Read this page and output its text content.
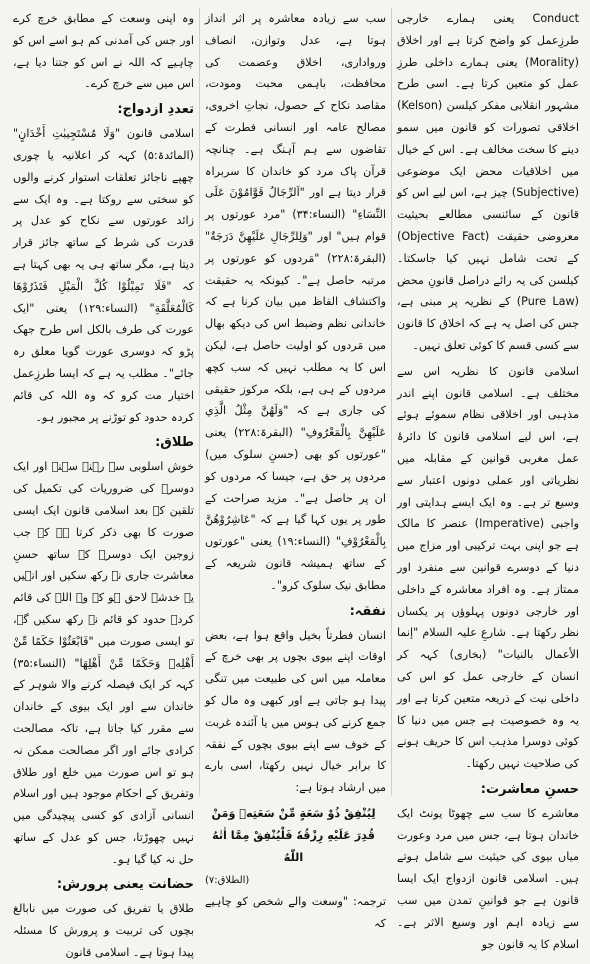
Conduct یعنی ہمارے خارجی طرزِعمل کو واضح کرتا ہے اور اخلاق (Morality) یعنی ہمارے داخلی طرزِ عمل کو متعین کرتا ہے۔ اسی طرح مشہور انقلابی مفکر کیلسن (Kelson) اخلاقی تصورات کو قانون میں سمو دینے کا سخت مخالف ہے۔ اس کے خیال میں اخلاقیات محض ایک موضوعی (Subjective) چیز ہے، اس لیے اس کو قانون کے سائنسی مطالعے بحیثیت معروضی حقیقت (Objective Fact) کے تحت شامل نہیں کیا جاسکتا۔ کیلسن کی یہ رائے دراصل قانونِ محض (Pure Law) کے نظریہ پر مبنی ہے، جس کی اصل یہ ہے کہ اخلاق کا قانون سے کسی قسم کا کوئی تعلق نہیں۔

اسلامی قانون کا نظریہ اس سے مختلف ہے۔ اسلامی قانون اپنے اندر مذہبی اور اخلاقی نظام سموئے ہوئے ہے، اس لیے اسلامی قانون کا دائرۂ عمل مغربی قوانین کے مقابلہ میں نظریاتی اور عملی دونوں اعتبار سے وسیع تر ہے۔ وہ ایک ایسے ہدایتی اور واجبی (Imperative) عنصر کا مالک ہے جو اپنی بہت ترکیبی اور مزاج میں دنیا کے دوسرے قوانین سے منفرد اور ممتاز ہے۔ وہ افراد معاشرہ کے داخلی اور خارجی دونوں پہلوؤں پر یکساں نظر رکھتا ہے۔ شارعِ علیہ السلام "إنما الأعمال بالنيات" (بخاری) کہہ کر انسان کے خارجی عمل کو اس کی داخلی نیت کے ذریعہ متعین کرتا ہے اور یہ وہ خصوصیت ہے جس میں دنیا کا کوئی دوسرا مذہب اس کا حریف ہونے کی صلاحیت نہیں رکھتا۔

حسنِ معاشرت:

معاشرے کا سب سے چھوٹا یونٹ ایک خاندان ہوتا ہے، جس میں مرد وعورت میاں بیوی کی حیثیت سے شامل ہوتے ہیں۔ اسلامی قانون ازدواج ایک ایسا قانون ہے جو قوانینِ تمدن میں سب سے زیادہ اہم اور وسیع الاثر ہے۔ اسلام کا یہ قانون جو

سب سے زیادہ معاشرہ پر اثر انداز ہوتا ہے، عدل وتوازن، انصاف ورواداری، اخلاق وعصمت کی محافظت، باہمی محبت ومودت، مقاصد نکاح کے حصول، نجاتِ اخروی، مصالح عامہ اور انسانی فطرت کے تقاضوں سے ہم آہنگ ہے۔ چنانچہ قرآن پاک مرد کو خاندان کا سربراہ قرار دیتا ہے اور "اَلرِّجَالُ قَوَّامُوْنَ عَلَى النِّسَاءِ" (النساء:۳۴) "مرد عورتوں پر قوام ہیں" اور "وَلِلرِّجَالِ عَلَيْهِنَّ دَرَجَةٌ" (البقرۃ:۲۲۸) "مَردوں کو عورتوں پر مرتبہ حاصل ہے"۔ کیونکہ یہ حقیقت واکتشاف الفاظ میں بیان کرنا ہے کہ خاندانی نظم وضبط اس کی دیکھ بھال میں مَردوں کو اولیت حاصل ہے، لیکن اس کا یہ مطلب نہیں کہ سب کچھ مردوں کے ہی ہے، بلکہ مرکوز حقیقی کی جاری ہے کہ "وَلَهُنَّ مِثْلُ الَّذِي عَلَيْهِنَّ بِالْمَعْرُوفِ" (البقرۃ:۲۲۸) یعنی "عورتوں کو بھی (حسنِ سلوک میں) مردوں پر حق ہے، جیسا کہ مردوں کو ان پر حاصل ہے"۔ مزید صراحت کے طور پر یوں کہا گیا ہے کہ "عَاشِرُوْهُنَّ بِالْمَعْرُوْفِ" (النساء:۱۹) یعنی "عورتوں کے ساتھ ہمیشہ قانون شریعہ کے مطابق نیک سلوک کرو"۔

نفقہ:

انسان فطرتاً بخیل واقع ہوا ہے، بعض اوقات اپنے بیوی بچوں پر بھی خرچ کے معاملہ میں اس کی طبیعت میں تنگی پیدا ہو جاتی ہے اور کبھی وہ مال کو جمع کرنے کی ہوس میں یا آئندہ غربت کے خوف سے اپنے بیوی بچوں کے نفقہ کا برابر خیال نہیں رکھتا، اسی بارے میں ارشاد ہوتا ہے:

لِيُنْفِقْ ذُوْ سَعَةٍ مِّنْ سَعَتِهٖ وَمَنْ قُدِرَ عَلَيْهِ رِزْقُهٗ فَلْيُنْفِقْ مِمَّا اٰتٰهُ اللّٰهُ

(الطلاق:۷)

ترجمہ: "وسعت والے شخص کو چاہیے کہ

وہ اپنی وسعت کے مطابق خرچ کرے اور جس کی آمدنی کم ہو اسے اس کو چاہیے کہ اللہ نے اس کو جتنا دیا ہے، اس میں سے خرچ کرے۔

تعددِ ازدواج:

اسلامی قانون "وَلَا مُسْتَجِيبٰتِ أَخْدَانٍ" (المائدۃ:۵) کہہ کر اعلانیہ یا چوری چھپے ناجائز تعلقات استوار کرنے والوں کو سختی سے روکتا ہے۔ وہ ایک سے زائد عورتوں سے نکاح کو عدل پر قدرت کی شرط کے ساتھ جائز قرار دیتا ہے، مگر ساتھ ہی یہ بھی کہتا ہے کہ "فَلَا تَمِيْلُوْا كُلَّ الْمَيْلِ فَتَذَرُوْهَا كَالْمُعَلَّقَةِ" (النساء:۱۲۹) یعنی "ایک عورت کی طرف بالکل اس طرح جھک پڑو کہ دوسری عورت گویا معلق رہ جائے"۔ مطلب یہ ہے کہ ایسا طرزِعمل اختیار مت کرو کہ وہ اللہ کی قائم کردہ حدود کو توڑنے پر مجبور ہو۔

طلاق:

خوش اسلوبی سے رہنے سہنے اور ایک دوسرے کی ضروریات کی تکمیل کی تلقین کے بعد اسلامی قانون ایک ایسی صورت کا بھی ذکر کرتا ہے کہ جب زوجین ایک دوسرے کے ساتھ حسنِ معاشرت جاری نہ رکھ سکیں اور انہیں یہ خدشہ لاحق ہو کہ وہ اللہ کی قائم کردہ حدود کو قائم نہ رکھ سکیں گے، تو ایسی صورت میں "فَابْعَثُوْا حَكَمًا مِّنْ أَهْلِهٖ وَحَكَمًا مِّنْ أَهْلِهَا" (النساء:۳۵) کہہ کر ایک فیصلہ کرنے والا شوہر کے خاندان سے اور ایک بیوی کے خاندان سے مقرر کیا جاتا ہے، تاکہ مصالحت کرادی جائے اور اگر مصالحت ممکن نہ ہو تو اس صورت میں خلع اور طلاق وتفریق کے احکام موجود ہیں اور اسلام انسانی آزادی کو کسی پیچیدگی میں نہیں چھوڑتا، جس کو عدل کے ساتھ حل نہ کیا گیا ہو۔

حضانت یعنی پرورش:

طلاق یا تفریق کی صورت میں نابالغ بچوں کی تربیت و پرورش کا مسئلہ پیدا ہوتا ہے۔ اسلامی قانون
